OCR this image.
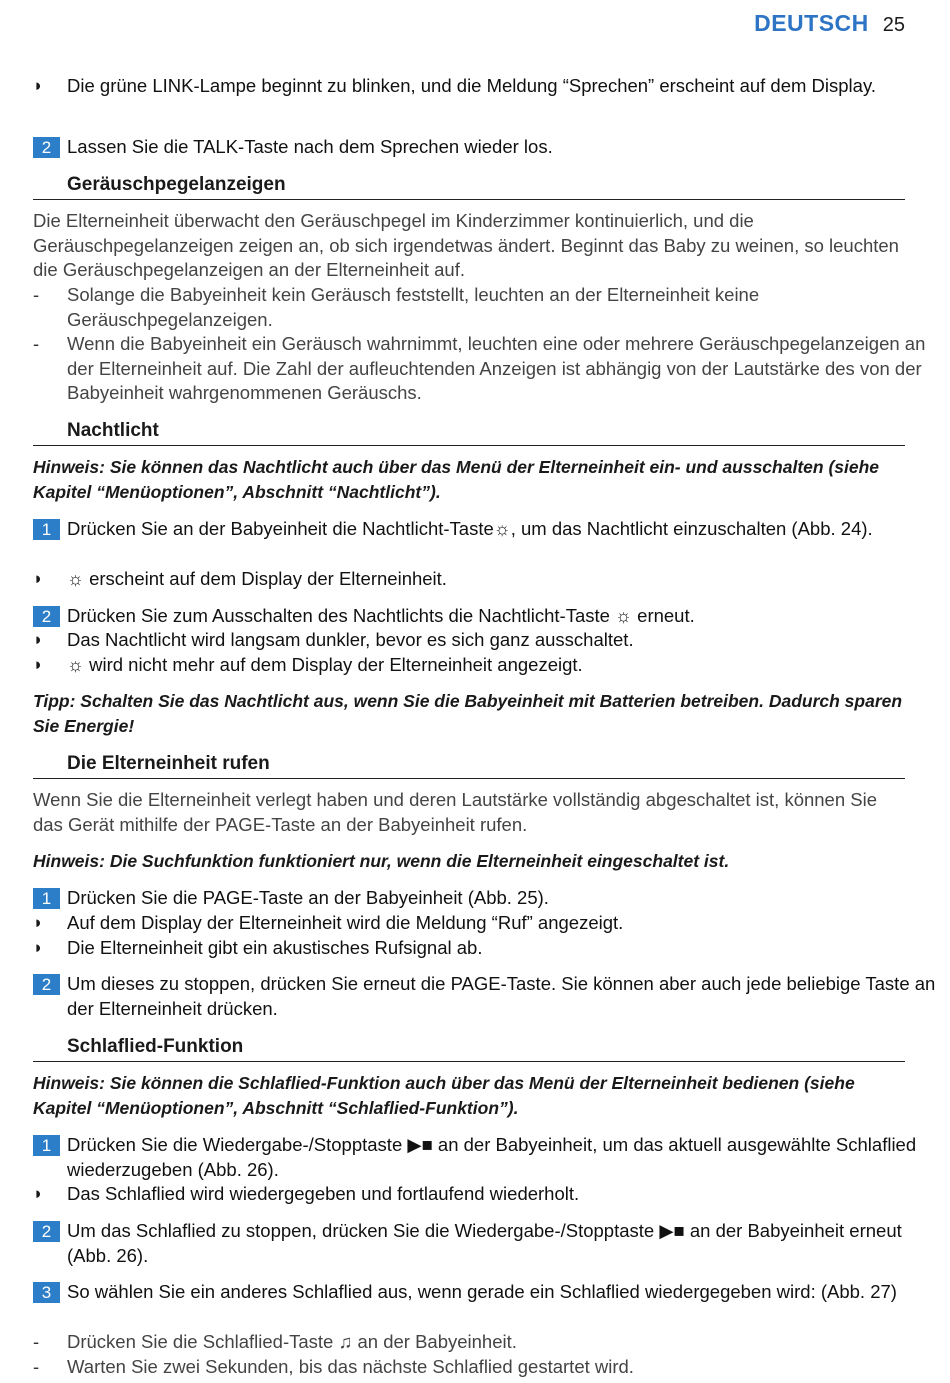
DEUTSCH 25
◗ Die grüne LINK-Lampe beginnt zu blinken, und die Meldung “Sprechen” erscheint auf dem Display.
2 Lassen Sie die TALK-Taste nach dem Sprechen wieder los.
Geräuschpegelanzeigen
Die Elterneinheit überwacht den Geräuschpegel im Kinderzimmer kontinuierlich, und die Geräuschpegelanzeigen zeigen an, ob sich irgendetwas ändert. Beginnt das Baby zu weinen, so leuchten die Geräuschpegelanzeigen an der Elterneinheit auf.
- Solange die Babyeinheit kein Geräusch feststellt, leuchten an der Elterneinheit keine Geräuschpegelanzeigen.
- Wenn die Babyeinheit ein Geräusch wahrnimmt, leuchten eine oder mehrere Geräuschpegelanzeigen an der Elterneinheit auf. Die Zahl der aufleuchtenden Anzeigen ist abhängig von der Lautstärke des von der Babyeinheit wahrgenommenen Geräuschs.
Nachtlicht
Hinweis: Sie können das Nachtlicht auch über das Menü der Elterneinheit ein- und ausschalten (siehe Kapitel “Menüoptionen”, Abschnitt “Nachtlicht”).
1 Drücken Sie an der Babyeinheit die Nachtlicht-Taste☼, um das Nachtlicht einzuschalten (Abb. 24).
◗ ☼ erscheint auf dem Display der Elterneinheit.
2 Drücken Sie zum Ausschalten des Nachtlichts die Nachtlicht-Taste ☼ erneut.
◗ Das Nachtlicht wird langsam dunkler, bevor es sich ganz ausschaltet.
◗ ☼ wird nicht mehr auf dem Display der Elterneinheit angezeigt.
Tipp: Schalten Sie das Nachtlicht aus, wenn Sie die Babyeinheit mit Batterien betreiben. Dadurch sparen Sie Energie!
Die Elterneinheit rufen
Wenn Sie die Elterneinheit verlegt haben und deren Lautstärke vollständig abgeschaltet ist, können Sie das Gerät mithilfe der PAGE-Taste an der Babyeinheit rufen.
Hinweis: Die Suchfunktion funktioniert nur, wenn die Elterneinheit eingeschaltet ist.
1 Drücken Sie die PAGE-Taste an der Babyeinheit (Abb. 25).
◗ Auf dem Display der Elterneinheit wird die Meldung “Ruf” angezeigt.
◗ Die Elterneinheit gibt ein akustisches Rufsignal ab.
2 Um dieses zu stoppen, drücken Sie erneut die PAGE-Taste. Sie können aber auch jede beliebige Taste an der Elterneinheit drücken.
Schlaflied-Funktion
Hinweis: Sie können die Schlaflied-Funktion auch über das Menü der Elterneinheit bedienen (siehe Kapitel “Menüoptionen”, Abschnitt “Schlaflied-Funktion”).
1 Drücken Sie die Wiedergabe-/Stopptaste ▶■ an der Babyeinheit, um das aktuell ausgewählte Schlaflied wiederzugeben (Abb. 26).
◗ Das Schlaflied wird wiedergegeben und fortlaufend wiederholt.
2 Um das Schlaflied zu stoppen, drücken Sie die Wiedergabe-/Stopptaste ▶■ an der Babyeinheit erneut (Abb. 26).
3 So wählen Sie ein anderes Schlaflied aus, wenn gerade ein Schlaflied wiedergegeben wird: (Abb. 27)
- Drücken Sie die Schlaflied-Taste ♫ an der Babyeinheit.
- Warten Sie zwei Sekunden, bis das nächste Schlaflied gestartet wird.
